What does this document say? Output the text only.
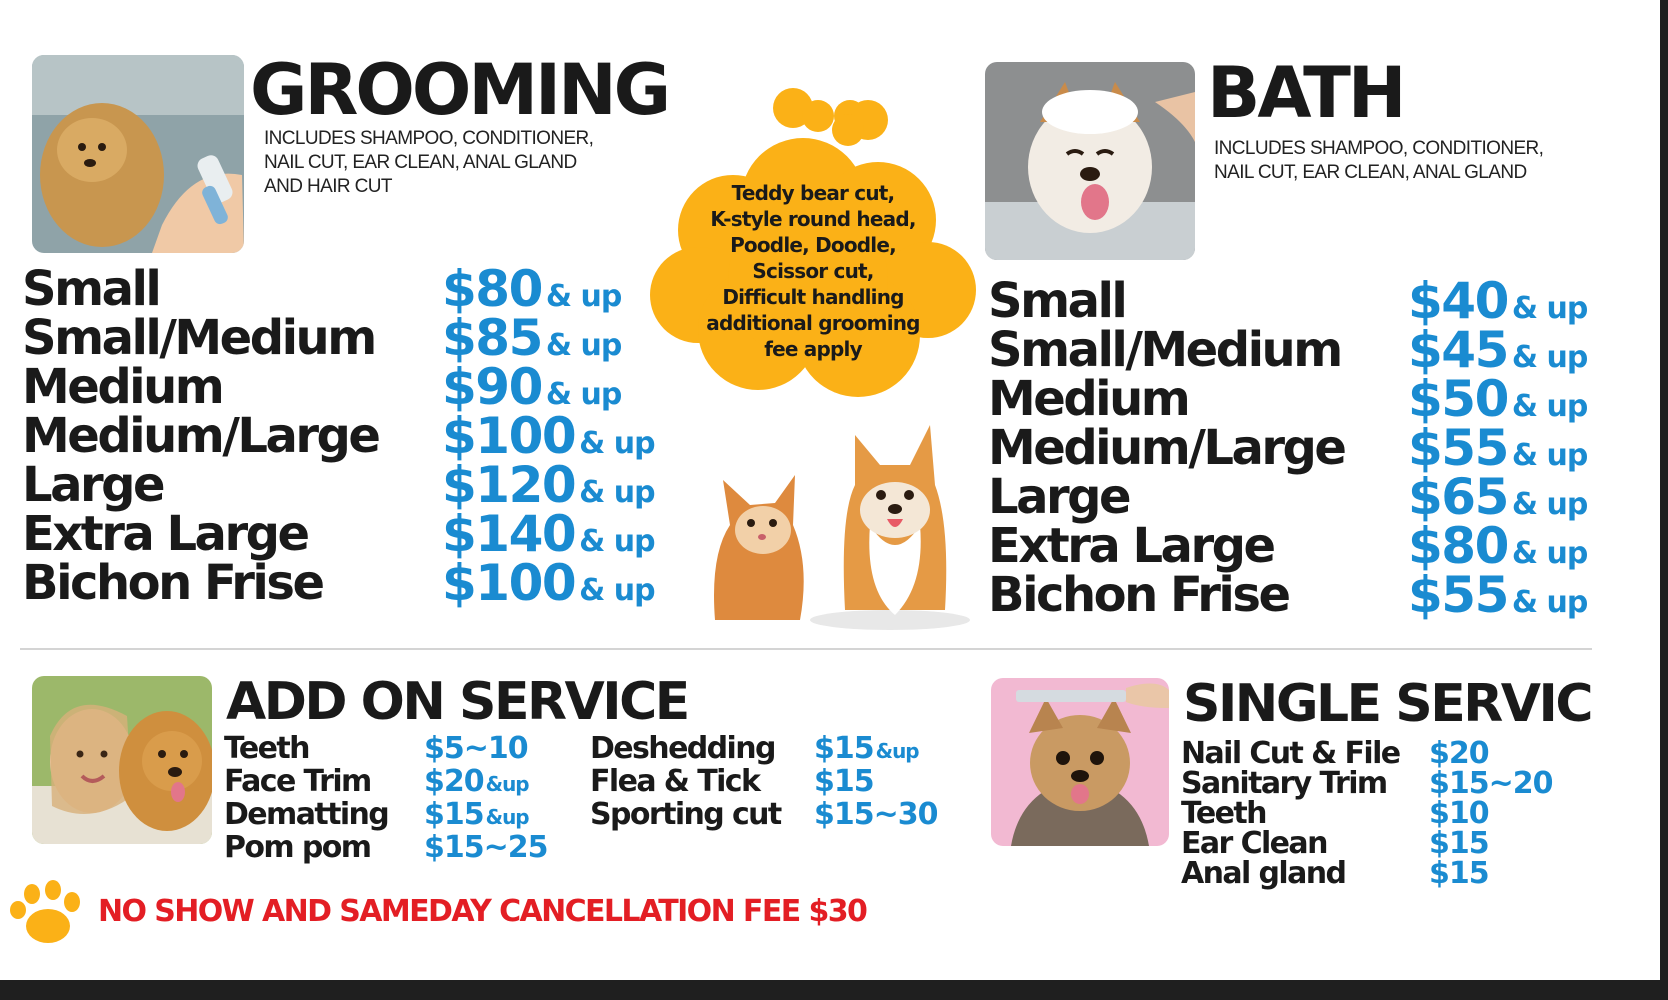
GROOMING

INCLUDES SHAMPOO, CONDITIONER,
NAIL CUT, EAR CLEAN, ANAL GLAND
AND HAIR CUT

Small	$80 & up
Small/Medium $85 & up
Medium	$90 & up
Medium/Large $100 & up
Large	$120 & up
Extra Large	$140 & up
Bichon Frise $100 & up

Teddy bear cut,
K-style round head,
Poodle, Doodle,
Scissor cut,
Difficult handling
additional grooming
fee apply

BATH

INCLUDES SHAMPOO, CONDITIONER,
NAIL CUT, EAR CLEAN, ANAL GLAND

Small	$40 & up
Small/Medium $45 & up
Medium	$50 & up
Medium/Large $55 & up
Large	$65 & up
Extra Large	$80 & up
Bichon Frise $55 & up
ADD ON SERVICE
Teeth	$5~10
Face Trim $20 &up
Dematting $15 &up
Pom pom $15~25
Deshedding $15 &up
Flea & Tick $15
Sporting cut $15~30
SINGLE SERVIC
Nail Cut & File $20
Sanitary Trim $15~20
Teeth	$10
Ear Clean	$15
Anal gland	$15

NO SHOW AND SAMEDAY CANCELLATION FEE $30
